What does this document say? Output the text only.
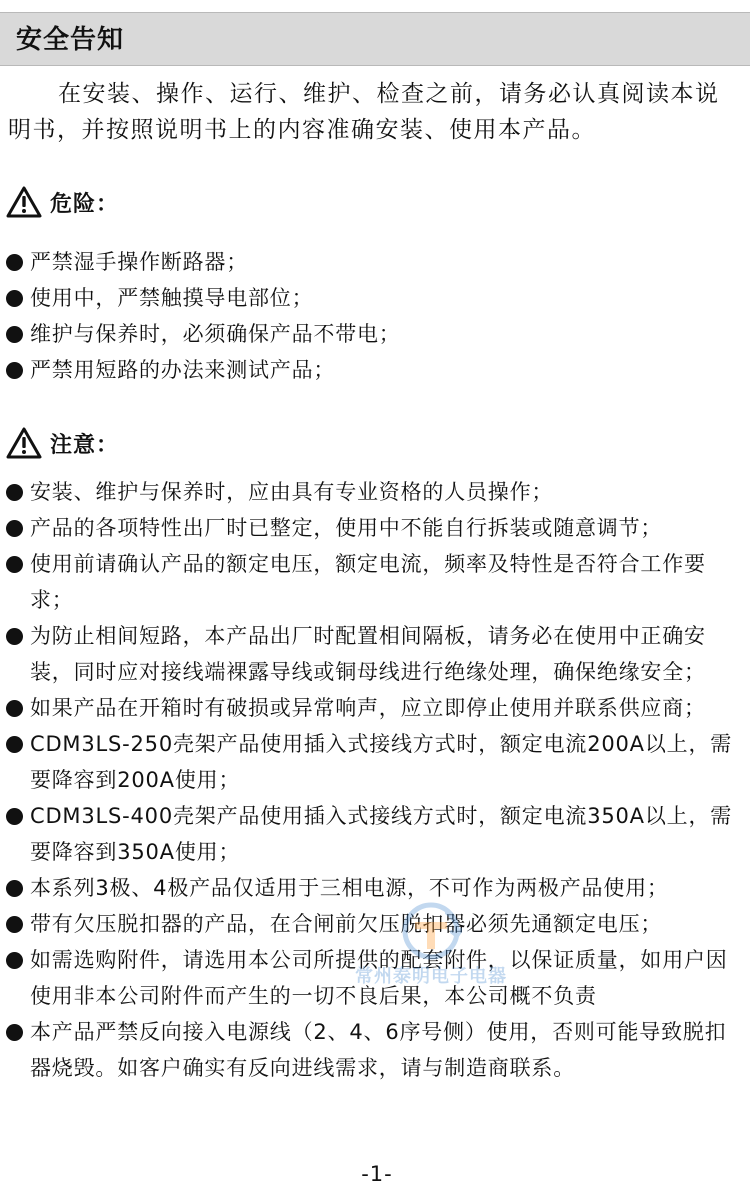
安全告知
在安装、操作、运行、维护、检查之前，请务必认真阅读本说明书，并按照说明书上的内容准确安装、使用本产品。
危险：
严禁湿手操作断路器；
使用中，严禁触摸导电部位；
维护与保养时，必须确保产品不带电；
严禁用短路的办法来测试产品；
注意：
安装、维护与保养时，应由具有专业资格的人员操作；
产品的各项特性出厂时已整定，使用中不能自行拆装或随意调节；
使用前请确认产品的额定电压，额定电流，频率及特性是否符合工作要求；
为防止相间短路，本产品出厂时配置相间隔板，请务必在使用中正确安装，同时应对接线端裸露导线或铜母线进行绝缘处理，确保绝缘安全；
如果产品在开箱时有破损或异常响声，应立即停止使用并联系供应商；
CDM3LS-250壳架产品使用插入式接线方式时，额定电流200A以上，需要降容到200A使用；
CDM3LS-400壳架产品使用插入式接线方式时，额定电流350A以上，需要降容到350A使用；
本系列3极、4极产品仅适用于三相电源，不可作为两极产品使用；
带有欠压脱扣器的产品，在合闸前欠压脱扣器必须先通额定电压；
如需选购附件，请选用本公司所提供的配套附件，以保证质量，如用户因使用非本公司附件而产生的一切不良后果，本公司概不负责
本产品严禁反向接入电源线（2、4、6序号侧）使用，否则可能导致脱扣器烧毁。如客户确实有反向进线需求，请与制造商联系。
常州泰明电子电器
-1-
